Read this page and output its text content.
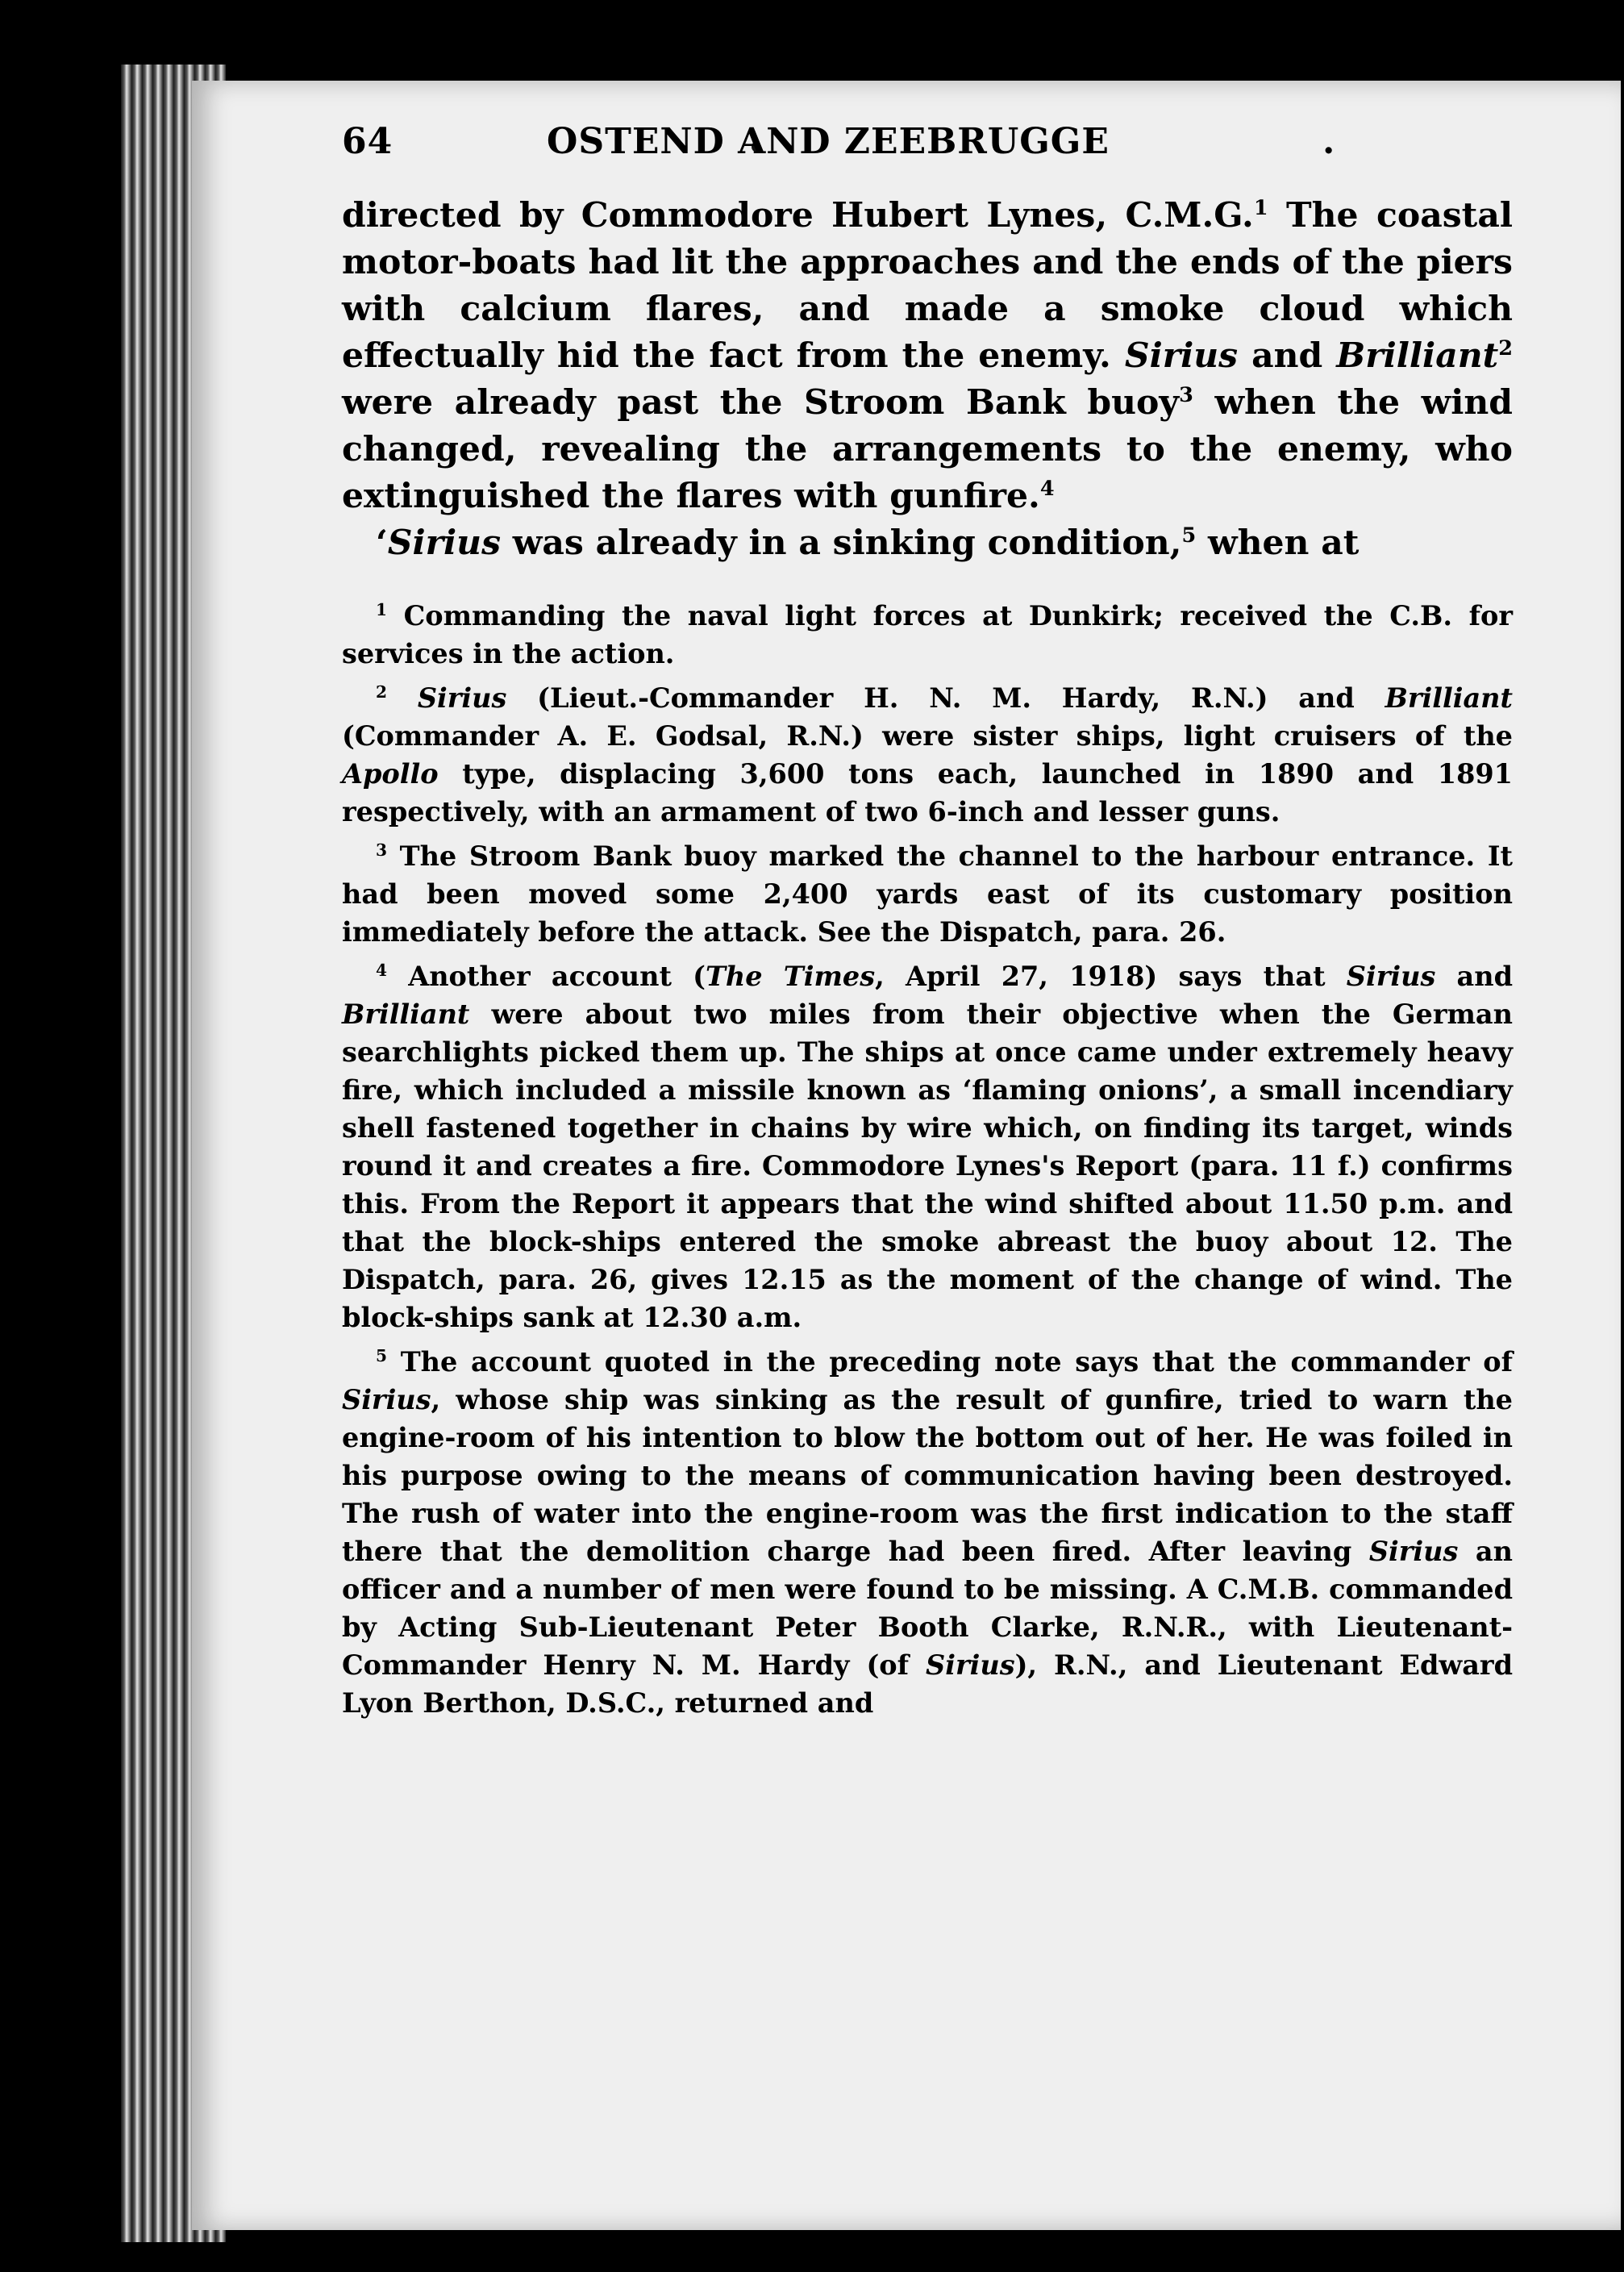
64	OSTEND AND ZEEBRUGGE	.

directed by Commodore Hubert Lynes, C.M.G.$^1$ The coastal motor-boats had lit the approaches and the ends of the piers with calcium flares, and made a smoke cloud which effectually hid the fact from the enemy. Sirius and Brilliant$^2$ were already past the Stroom Bank buoy$^3$ when the wind changed, revealing the arrangements to the enemy, who extinguished the flares with gunfire.$^4$

‘Sirius was already in a sinking condition,$^5$ when at

$^1$ Commanding the naval light forces at Dunkirk; received the C.B. for services in the action.

$^2$ Sirius (Lieut.-Commander H. N. M. Hardy, R.N.) and Brilliant (Commander A. E. Godsal, R.N.) were sister ships, light cruisers of the Apollo type, displacing 3,600 tons each, launched in 1890 and 1891 respectively, with an armament of two 6-inch and lesser guns.

$^3$ The Stroom Bank buoy marked the channel to the harbour entrance. It had been moved some 2,400 yards east of its customary position immediately before the attack. See the Dispatch, para. 26.

$^4$ Another account (The Times, April 27, 1918) says that Sirius and Brilliant were about two miles from their objective when the German searchlights picked them up. The ships at once came under extremely heavy fire, which included a missile known as ‘flaming onions’, a small incendiary shell fastened together in chains by wire which, on finding its target, winds round it and creates a fire. Commodore Lynes's Report (para. 11 f.) confirms this. From the Report it appears that the wind shifted about 11.50 p.m. and that the block-ships entered the smoke abreast the buoy about 12. The Dispatch, para. 26, gives 12.15 as the moment of the change of wind. The block-ships sank at 12.30 a.m.

$^5$ The account quoted in the preceding note says that the commander of Sirius, whose ship was sinking as the result of gunfire, tried to warn the engine-room of his intention to blow the bottom out of her. He was foiled in his purpose owing to the means of communication having been destroyed. The rush of water into the engine-room was the first indication to the staff there that the demolition charge had been fired. After leaving Sirius an officer and a number of men were found to be missing. A C.M.B. commanded by Acting Sub-Lieutenant Peter Booth Clarke, R.N.R., with Lieutenant-Commander Henry N. M. Hardy (of Sirius), R.N., and Lieutenant Edward Lyon Berthon, D.S.C., returned and
